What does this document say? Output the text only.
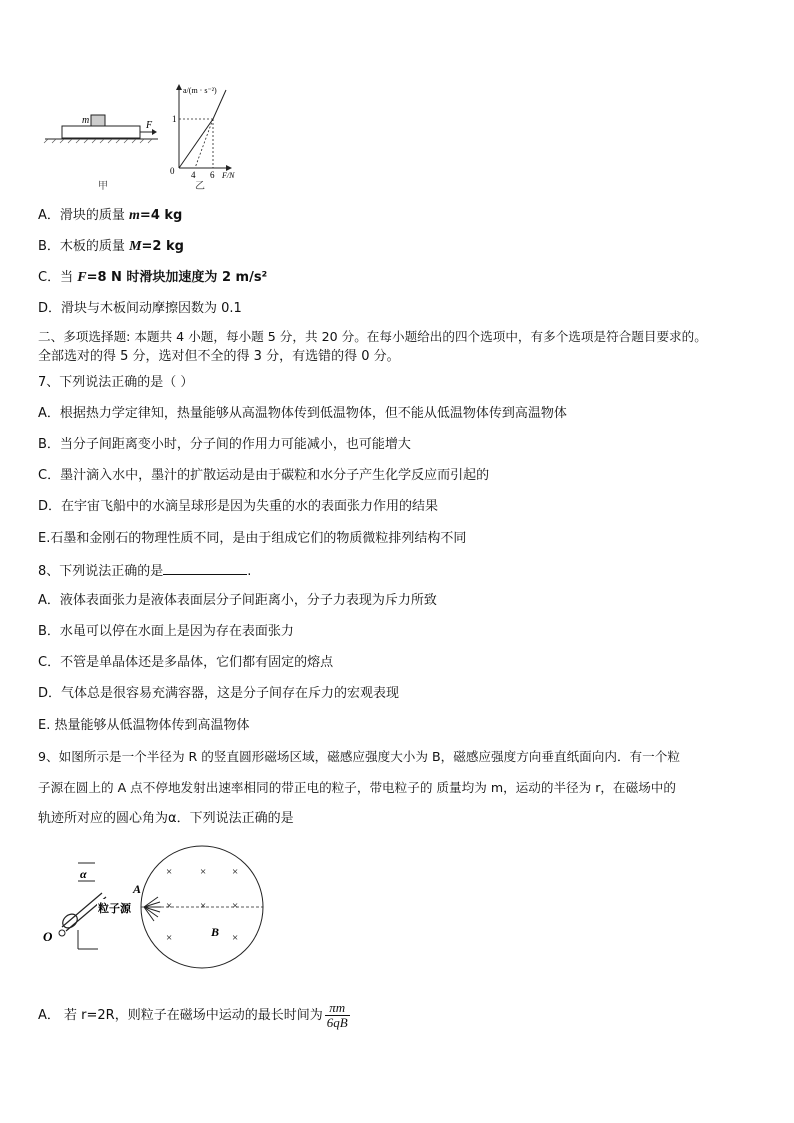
m	F
甲
a/(m · s⁻²)
1
0 4 6 F/N
乙
A．滑块的质量 m=4 kg
B．木板的质量 M=2 kg
C．当 F=8 N 时滑块加速度为 2 m/s²
D．滑块与木板间动摩擦因数为 0.1
二、多项选择题: 本题共 4 小题，每小题 5 分，共 20 分。在每小题给出的四个选项中，有多个选项是符合题目要求的。
全部选对的得 5 分，选对但不全的得 3 分，有选错的得 0 分。
7、下列说法正确的是（ ）
A．根据热力学定律知，热量能够从高温物体传到低温物体，但不能从低温物体传到高温物体
B．当分子间距离变小时，分子间的作用力可能减小，也可能增大
C．墨汁滴入水中，墨汁的扩散运动是由于碳粒和水分子产生化学反应而引起的
D．在宇宙飞船中的水滴呈球形是因为失重的水的表面张力作用的结果
E.石墨和金刚石的物理性质不同，是由于组成它们的物质微粒排列结构不同
8、下列说法正确的是	.
A．液体表面张力是液体表面层分子间距离小，分子力表现为斥力所致
B．水黾可以停在水面上是因为存在表面张力
C．不管是单晶体还是多晶体，它们都有固定的熔点
D．气体总是很容易充满容器，这是分子间存在斥力的宏观表现
E. 热量能够从低温物体传到高温物体
9、如图所示是一个半径为 R 的竖直圆形磁场区域，磁感应强度大小为 B，磁感应强度方向垂直纸面向内．有一个粒
子源在圆上的 A 点不停地发射出速率相同的带正电的粒子，带电粒子的 质量均为 m，运动的半径为 r，在磁场中的
轨迹所对应的圆心角为α．下列说法正确的是
α
O
粒子源
A
B
×	× ×
×	× ×
×	×
A． 若 r=2R，则粒子在磁场中运动的最长时间为 $\frac{\pi m}{6qB}$
